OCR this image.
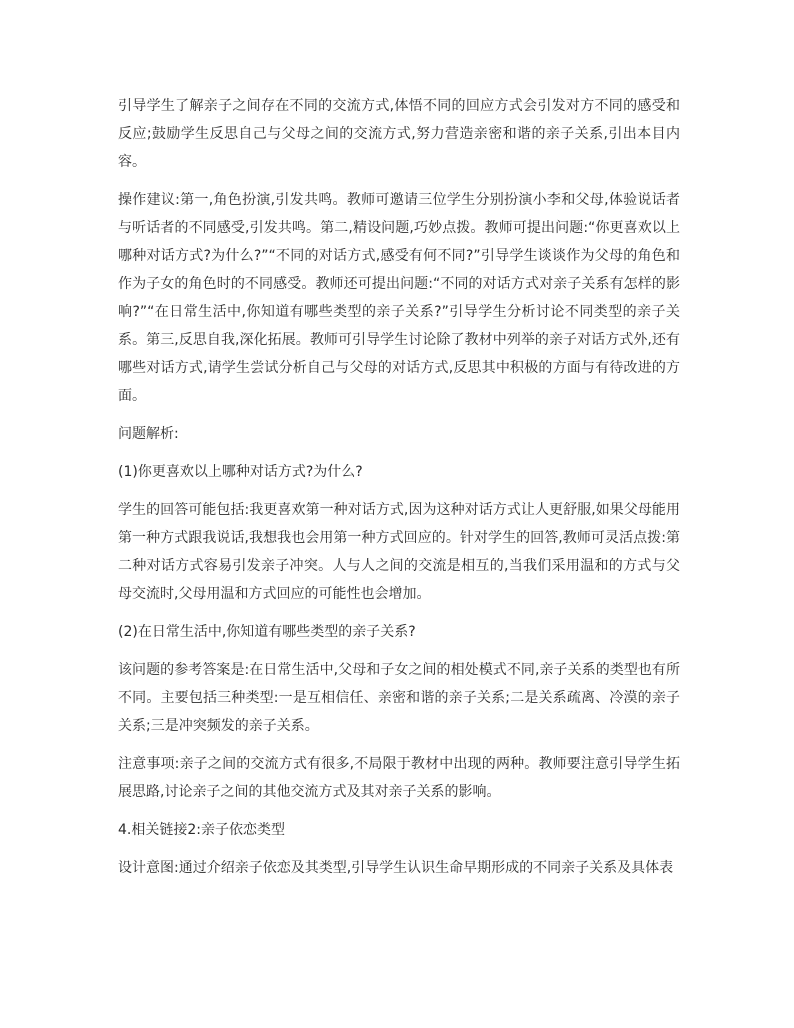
引导学生了解亲子之间存在不同的交流方式,体悟不同的回应方式会引发对方不同的感受和反应;鼓励学生反思自己与父母之间的交流方式,努力营造亲密和谐的亲子关系,引出本目内容。

操作建议:第一,角色扮演,引发共鸣。教师可邀请三位学生分别扮演小李和父母,体验说话者与听话者的不同感受,引发共鸣。第二,精设问题,巧妙点拨。教师可提出问题:“你更喜欢以上哪种对话方式?为什么?”“不同的对话方式,感受有何不同?”引导学生谈谈作为父母的角色和作为子女的角色时的不同感受。教师还可提出问题:“不同的对话方式对亲子关系有怎样的影响?”“在日常生活中,你知道有哪些类型的亲子关系?”引导学生分析讨论不同类型的亲子关系。第三,反思自我,深化拓展。教师可引导学生讨论除了教材中列举的亲子对话方式外,还有哪些对话方式,请学生尝试分析自己与父母的对话方式,反思其中积极的方面与有待改进的方面。

问题解析:

(1)你更喜欢以上哪种对话方式?为什么?

学生的回答可能包括:我更喜欢第一种对话方式,因为这种对话方式让人更舒服,如果父母能用第一种方式跟我说话,我想我也会用第一种方式回应的。针对学生的回答,教师可灵活点拨:第二种对话方式容易引发亲子冲突。人与人之间的交流是相互的,当我们采用温和的方式与父母交流时,父母用温和方式回应的可能性也会增加。

(2)在日常生活中,你知道有哪些类型的亲子关系?

该问题的参考答案是:在日常生活中,父母和子女之间的相处模式不同,亲子关系的类型也有所不同。主要包括三种类型:一是互相信任、亲密和谐的亲子关系;二是关系疏离、冷漠的亲子关系;三是冲突频发的亲子关系。

注意事项:亲子之间的交流方式有很多,不局限于教材中出现的两种。教师要注意引导学生拓展思路,讨论亲子之间的其他交流方式及其对亲子关系的影响。

4.相关链接2:亲子依恋类型

设计意图:通过介绍亲子依恋及其类型,引导学生认识生命早期形成的不同亲子关系及具体表
